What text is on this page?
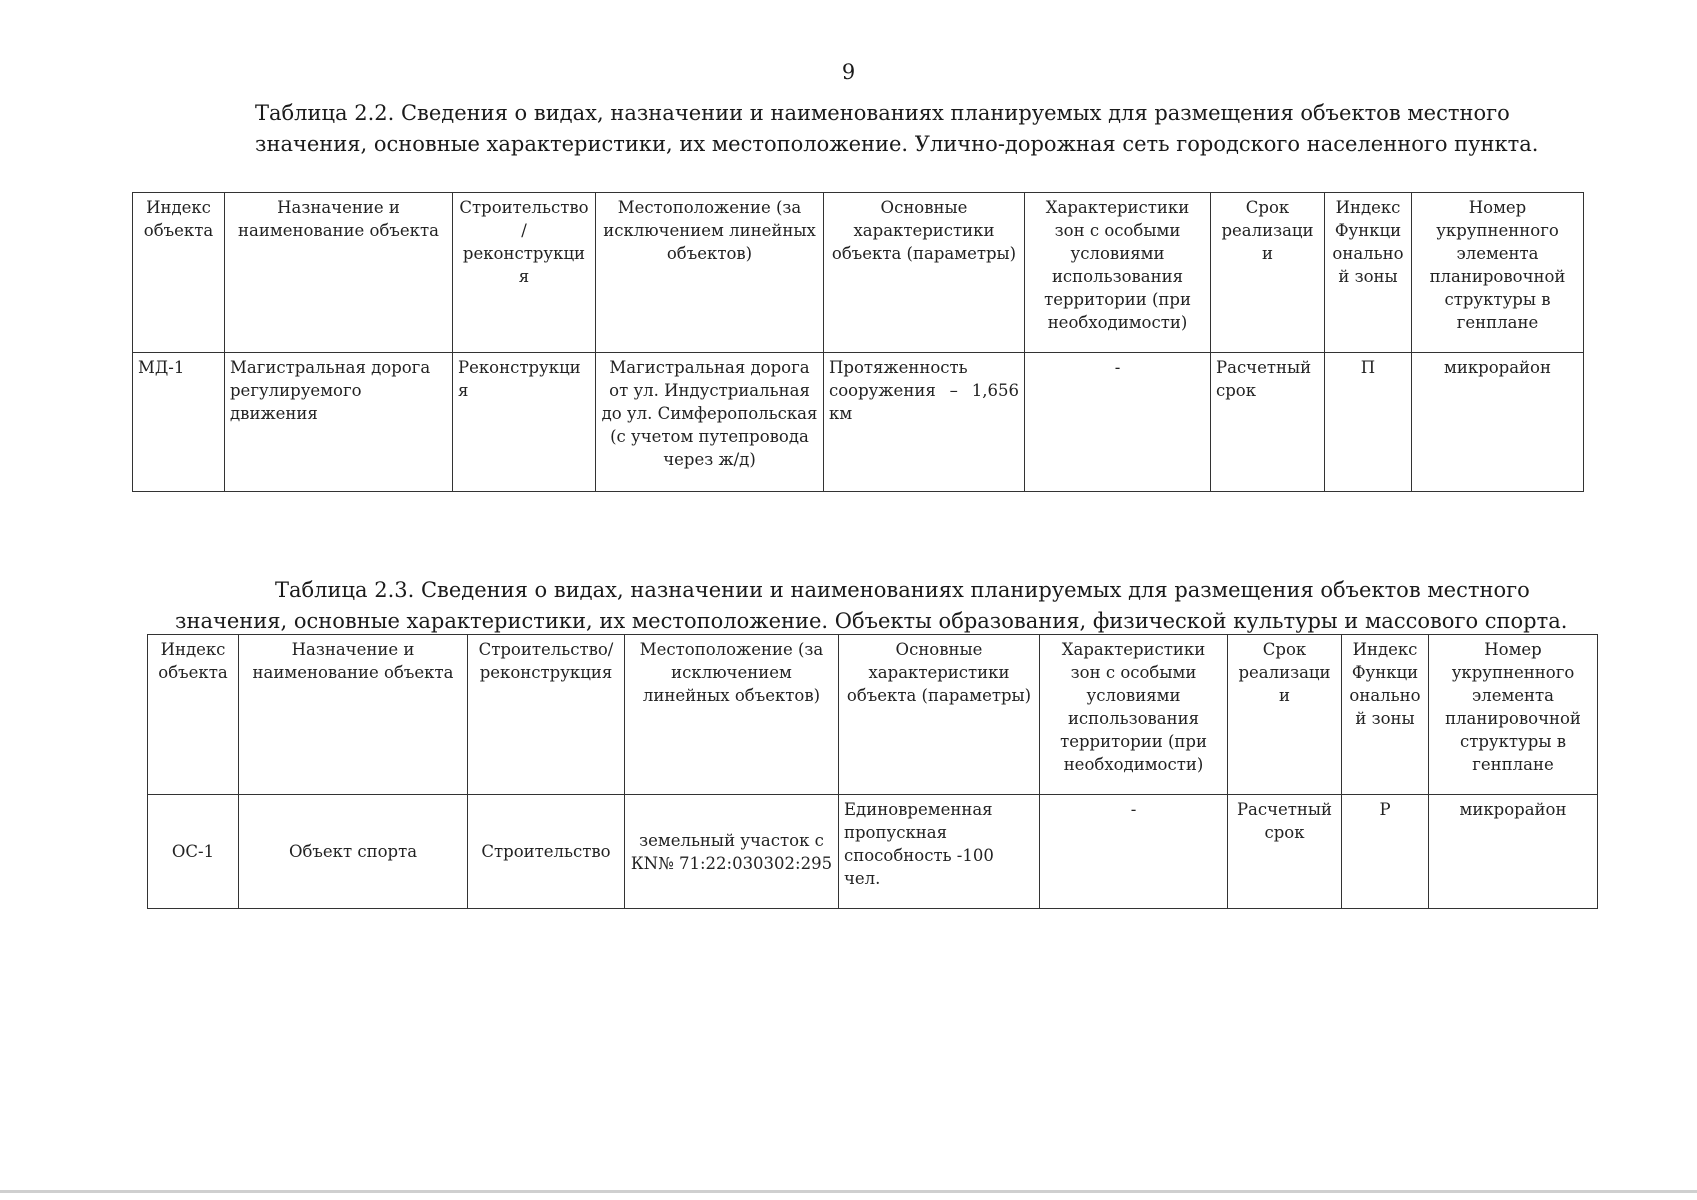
9
Таблица 2.2. Сведения о видах, назначении и наименованиях планируемых для размещения объектов местного
значения, основные характеристики, их местоположение. Улично-дорожная сеть городского населенного пункта.
Индекс объекта	Назначение и наименование объекта	Строительство / реконструкция	Местоположение (за исключением линейных объектов)	Основные характеристики объекта (параметры)	Характеристики зон с особыми условиями использования территории (при необходимости)	Срок реализации	Индекс Функци онально й зоны	Номер укрупненного элемента планировочной структуры в генплане
МД-1	Магистральная дорога регулируемого движения	Реконструкция	Магистральная дорога от ул. Индустриальная до ул. Симферопольская (с учетом путепровода через ж/д)	Протяженность сооружения – 1,656 км	-	Расчетный срок	П	микрорайон
Таблица 2.3. Сведения о видах, назначении и наименованиях планируемых для размещения объектов местного
значения, основные характеристики, их местоположение. Объекты образования, физической культуры и массового спорта.
Индекс объекта	Назначение и наименование объекта	Строительство/ реконструкция	Местоположение (за исключением линейных объектов)	Основные характеристики объекта (параметры)	Характеристики зон с особыми условиями использования территории (при необходимости)	Срок реализации	Индекс Функци онально й зоны	Номер укрупненного элемента планировочной структуры в генплане
ОС-1	Объект спорта	Строительство	земельный участок с КN№ 71:22:030302:295	Единовременная пропускная способность -100 чел.	-	Расчетный срок	Р	микрорайон
